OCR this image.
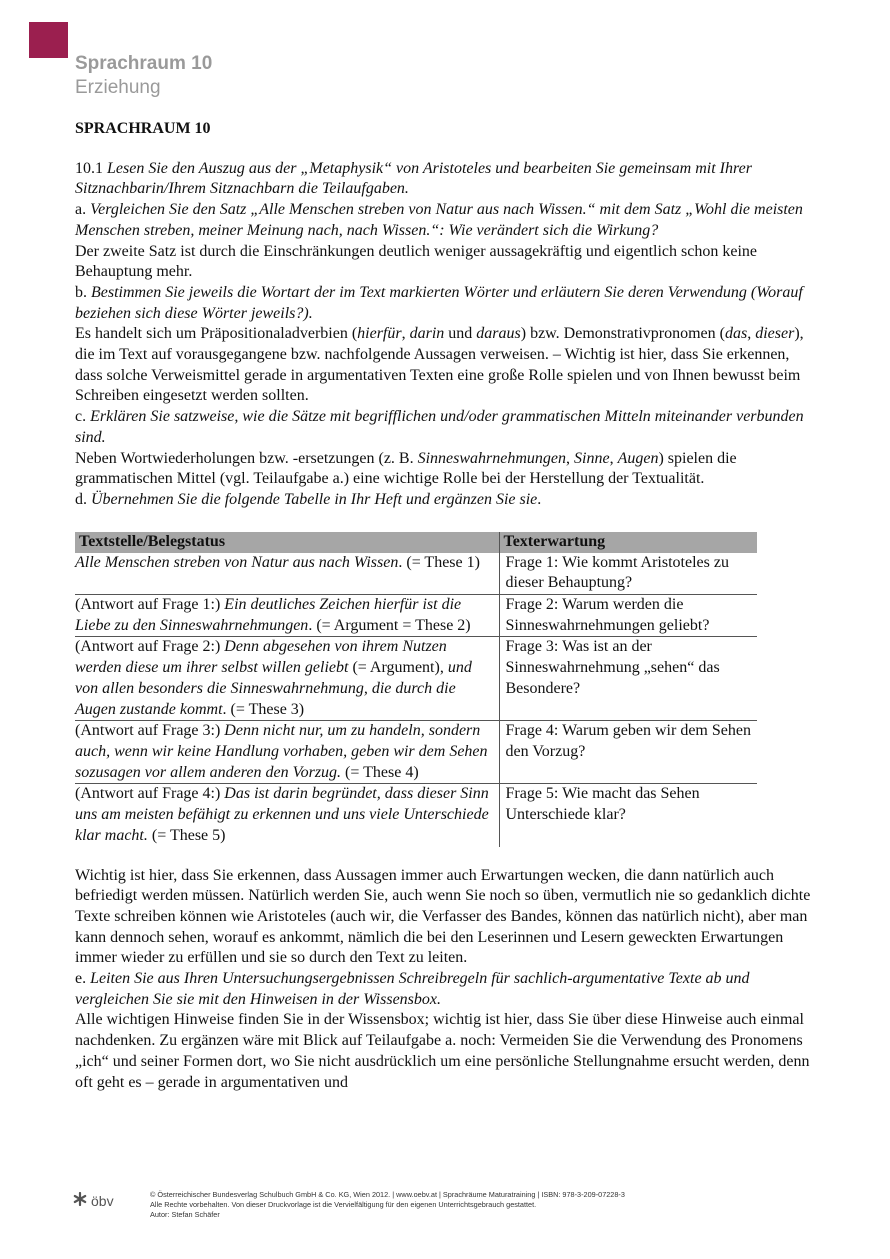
Sprachraum 10
Erziehung
SPRACHRAUM 10

10.1 Lesen Sie den Auszug aus der „Metaphysik“ von Aristoteles und bearbeiten Sie gemeinsam mit Ihrer Sitznachbarin/Ihrem Sitznachbarn die Teilaufgaben.

a. Vergleichen Sie den Satz „Alle Menschen streben von Natur aus nach Wissen.“ mit dem Satz „Wohl die meisten Menschen streben, meiner Meinung nach, nach Wissen.“: Wie verändert sich die Wirkung?

Der zweite Satz ist durch die Einschränkungen deutlich weniger aussagekräftig und eigentlich schon keine Behauptung mehr.

b. Bestimmen Sie jeweils die Wortart der im Text markierten Wörter und erläutern Sie deren Verwendung (Worauf beziehen sich diese Wörter jeweils?).

Es handelt sich um Präpositionaladverbien (hierfür, darin und daraus) bzw. Demonstrativpronomen (das, dieser), die im Text auf vorausgegangene bzw. nachfolgende Aussagen verweisen. – Wichtig ist hier, dass Sie erkennen, dass solche Verweismittel gerade in argumentativen Texten eine große Rolle spielen und von Ihnen bewusst beim Schreiben eingesetzt werden sollten.

c. Erklären Sie satzweise, wie die Sätze mit begrifflichen und/oder grammatischen Mitteln miteinander verbunden sind.

Neben Wortwiederholungen bzw. -ersetzungen (z. B. Sinneswahrnehmungen, Sinne, Augen) spielen die grammatischen Mittel (vgl. Teilaufgabe a.) eine wichtige Rolle bei der Herstellung der Textualität.

d. Übernehmen Sie die folgende Tabelle in Ihr Heft und ergänzen Sie sie.

Textstelle/Belegstatus	Texterwartung
Alle Menschen streben von Natur aus nach Wissen. (= These 1)	Frage 1: Wie kommt Aristoteles zu dieser Behauptung?
(Antwort auf Frage 1:) Ein deutliches Zeichen hierfür ist die Liebe zu den Sinneswahrnehmungen. (= Argument = These 2)	Frage 2: Warum werden die Sinneswahrnehmungen geliebt?
(Antwort auf Frage 2:) Denn abgesehen von ihrem Nutzen werden diese um ihrer selbst willen geliebt (= Argument), und von allen besonders die Sinneswahrnehmung, die durch die Augen zustande kommt. (= These 3)	Frage 3: Was ist an der Sinneswahrnehmung „sehen“ das Besondere?
(Antwort auf Frage 3:) Denn nicht nur, um zu handeln, sondern auch, wenn wir keine Handlung vorhaben, geben wir dem Sehen sozusagen vor allem anderen den Vorzug. (= These 4)	Frage 4: Warum geben wir dem Sehen den Vorzug?
(Antwort auf Frage 4:) Das ist darin begründet, dass dieser Sinn uns am meisten befähigt zu erkennen und uns viele Unterschiede klar macht. (= These 5)	Frage 5: Wie macht das Sehen Unterschiede klar?

Wichtig ist hier, dass Sie erkennen, dass Aussagen immer auch Erwartungen wecken, die dann natürlich auch befriedigt werden müssen. Natürlich werden Sie, auch wenn Sie noch so üben, vermutlich nie so gedanklich dichte Texte schreiben können wie Aristoteles (auch wir, die Verfasser des Bandes, können das natürlich nicht), aber man kann dennoch sehen, worauf es ankommt, nämlich die bei den Leserinnen und Lesern geweckten Erwartungen immer wieder zu erfüllen und sie so durch den Text zu leiten.

e. Leiten Sie aus Ihren Untersuchungsergebnissen Schreibregeln für sachlich-argumentative Texte ab und vergleichen Sie sie mit den Hinweisen in der Wissensbox.

Alle wichtigen Hinweise finden Sie in der Wissensbox; wichtig ist hier, dass Sie über diese Hinweise auch einmal nachdenken. Zu ergänzen wäre mit Blick auf Teilaufgabe a. noch: Vermeiden Sie die Verwendung des Pronomens „ich“ und seiner Formen dort, wo Sie nicht ausdrücklich um eine persönliche Stellungnahme ersucht werden, denn oft geht es – gerade in argumentativen und

öbv	© Österreichischer Bundesverlag Schulbuch GmbH & Co. KG, Wien 2012. | www.oebv.at | Sprachräume Maturatraining | ISBN: 978-3-209-07228-3
Alle Rechte vorbehalten. Von dieser Druckvorlage ist die Vervielfältigung für den eigenen Unterrichtsgebrauch gestattet.
Autor: Stefan Schäfer
